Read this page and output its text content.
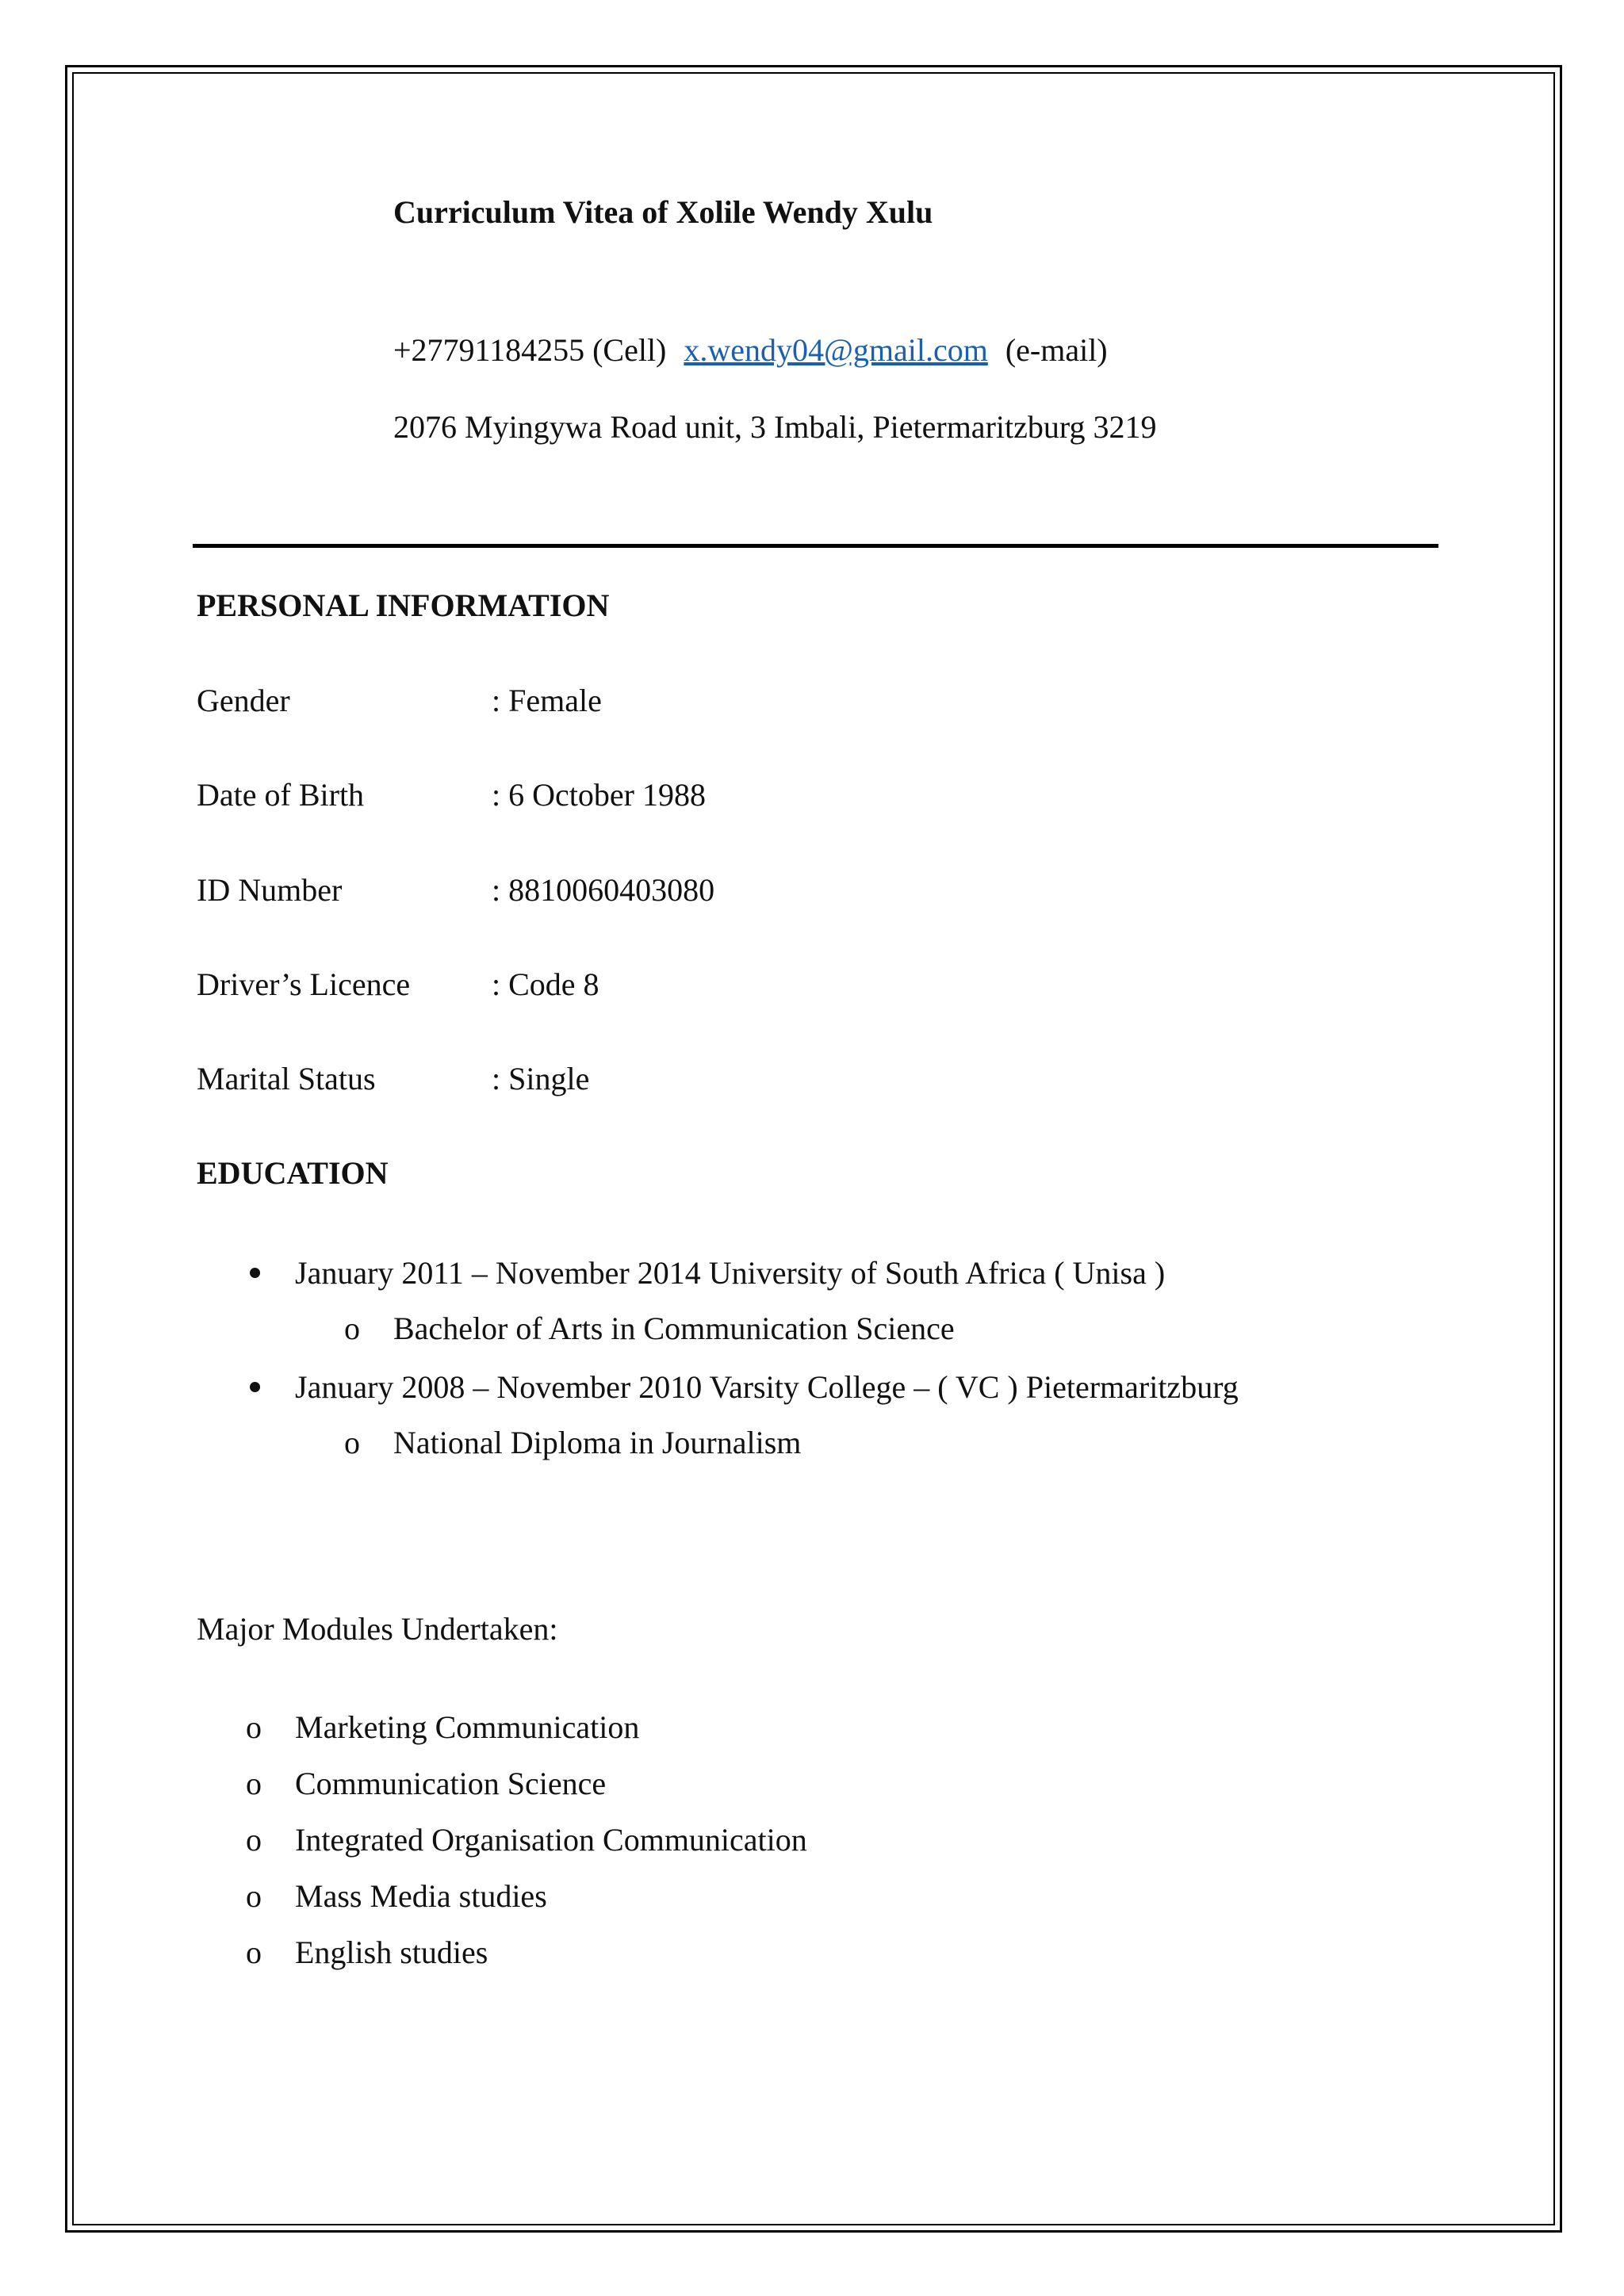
Curriculum Vitea of Xolile Wendy Xulu
+27791184255 (Cell) x.wendy04@gmail.com (e-mail)
2076 Myingywa Road unit, 3 Imbali, Pietermaritzburg 3219
PERSONAL INFORMATION
Gender	: Female
Date of Birth	: 6 October 1988
ID Number	: 8810060403080
Driver’s Licence	: Code 8
Marital Status	: Single
EDUCATION
January 2011 – November 2014 University of South Africa ( Unisa )
o Bachelor of Arts in Communication Science
January 2008 – November 2010 Varsity College – ( VC ) Pietermaritzburg
o National Diploma in Journalism
Major Modules Undertaken:
o Marketing Communication
o Communication Science
o Integrated Organisation Communication
o Mass Media studies
o English studies
